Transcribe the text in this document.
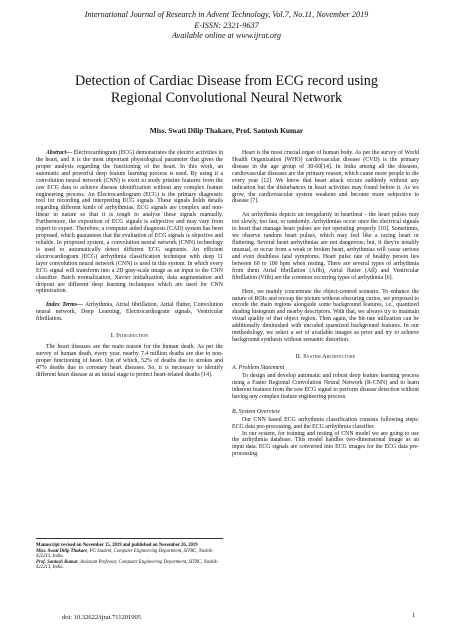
International Journal of Research in Advent Technology, Vol.7, No.11, November 2019
E-ISSN: 2321-9637
Available online at www.ijrat.org
Detection of Cardiac Disease from ECG record using
Regional Convolutional Neural Network
Miss. Swati Dilip Thakare, Prof. Santosh Kumar

Abstract— Electrocardiogram (ECG) demonstrates the electric activities in the heart, and it is the most important physiological parameter that gives the proper analysis regarding the functioning of the heart. In this work, an automatic and powerful deep feature learning process is used. By using it a convolution neural network (CNN) is exert to study pristine features from the raw ECG data to achieve disease identification without any complex feature engineering process. An Electrocardiogram (ECG) is the primary diagnostic tool for recording and interpreting ECG signals. These signals holds details regarding different kinds of arrhythmias, ECG signals are complex and non-linear in nature so that it is tough to analyse these signals manually. Furthermore, the exposition of ECG signals is subjective and may vary from expert to expert. Therefore, a computer aided diagnosis (CAD) system has been proposed, which guarantees that the evaluation of ECG signals is objective and reliable. In proposed system, a convolution neural network (CNN) technology is used to automatically detect different ECG segments. An efficient electrocardiogram (ECG) arrhythmia classification technique with deep 11 layer convolution neural network (CNN) is used in this system. In which every ECG signal will transform into a 2D gray-scale image as an input to the CNN classifier. Batch normalization, Xavier initialization, data augmentation and dropout are different deep learning techniques which are used for CNN optimization.

Index Terms— Arrhythmia, Atrial fibrillation, Atrial flutter, Convolution neural network, Deep Learning, Electrocardiogram signals, Ventricular fibrillation.

I. Introduction

The heart diseases are the main reason for the human death. As per the survey of human death, every year, nearby 7.4 million deaths are due to non-proper functioning of heart. Out of which, 52% of deaths due to strokes and 47% deaths due to coronary heart diseases. So, it is necessary to identify different heart disease at an initial stage to protect heart-related deaths [14].

Manuscript revised on November 15, 2019 and published on November 26, 2019
Miss. Swati Dilip Thakare, PG Student, Computer Engineering Department, SITRC, Nashik-422213, India.
Prof. Santosh Kumar, Assistant Professor, Computer Engineering Department, SITRC, Nashik-422213, India.

Heart is the most crucial organ of human body. As per the survey of World Health Organization (WHO) cardiovascular disease (CVD) is the primary disease in the age group of 30-60[14]. In India among all the diseases, cardiovascular diseases are the primary reason, which cause more people to die every year [12]. We know that heart attack occurs suddenly without any indication but the disturbances in heart activities may found before it. As we grow, the cardiovascular system weakens and become more subjective to disease [7].

An arrhythmia depicts an irregularity in heartbeat - the heart pulses may too slowly, too fast, or randomly. Arrhythmias occur once the electrical signals to heart that manage heart pulses are not operating properly [10]. Sometimes, we observe random heart pulses, which may feel like a racing heart or fluttering. Several heart arrhythmias are not dangerous; but, if they're notably unusual, or occur from a weak or broken heart, arrhythmias will cause serious and even doubtless fatal symptoms. Heart pulse rate of healthy person lies between 60 to 100 bpm when resting. There are several types of arrhythmia from them Atrial fibrillation (Afib), Atrial flutter (Afl) and Ventricular fibrillation (Vfib) are the common occurring types of arrhythmia [6].

Here, we mainly concentrate the object-centred scenario. To enhance the nature of ROIs and recoup the picture without obscuring curios, we proposed to encode the main regions alongside some background features, i.e., quantized shading histogram and nearby descriptors. With that, we always try to maintain visual quality of that object region. Then again, the bit-rate utilization can be additionally diminished with encoded quantized background features. In our methodology, we select a set of available images as prior and try to achieve background synthesis without semantic distortion.

II. System Architecture
A. Problem Statement

To design and develop automatic and robust deep feature learning process using a Faster Regional Convolution Neural Network (R-CNN) and to learn inherent features from the raw ECG signal to perform disease detection without having any complex feature engineering process.

B. System Overview

Our CNN based ECG arrhythmia classification consists following steps: ECG data pre-processing, and the ECG arrhythmia classifier.

In our system, for training and testing of CNN model we are going to use the arrhythmia database. This model handles two-dimensional image as an input data. ECG signals are converted into ECG images for the ECG data pre-processing.

1
doi: 10.32622/ijrat.711201905
